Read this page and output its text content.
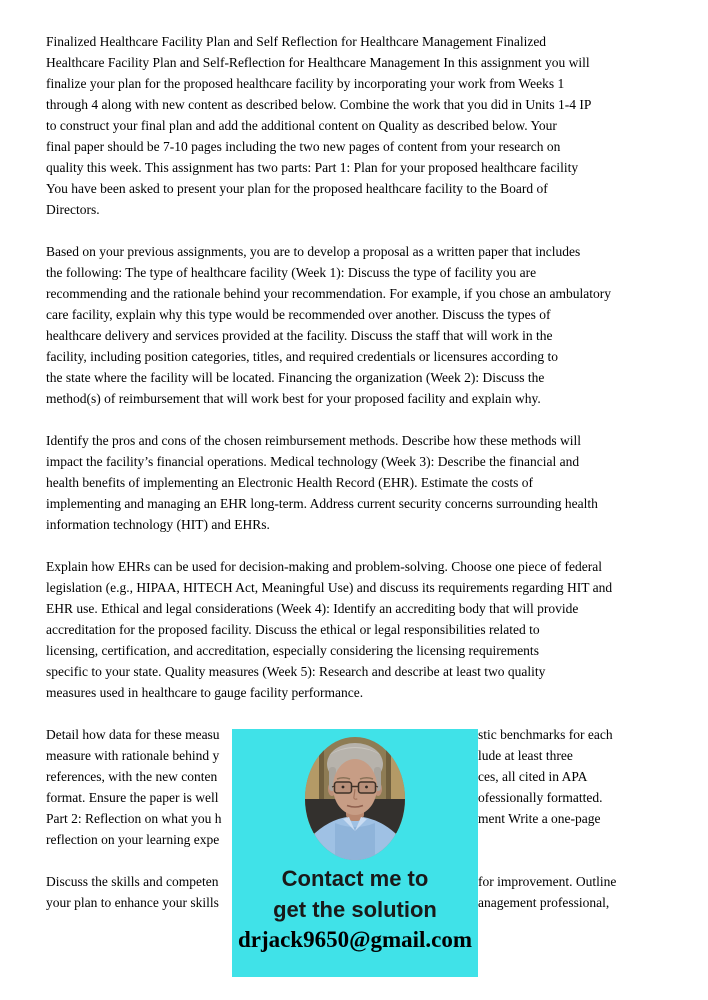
Finalized Healthcare Facility Plan and Self Reflection for Healthcare Management Finalized
Healthcare Facility Plan and Self-Reflection for Healthcare Management In this assignment you will
finalize your plan for the proposed healthcare facility by incorporating your work from Weeks 1
through 4 along with new content as described below. Combine the work that you did in Units 1-4 IP
to construct your final plan and add the additional content on Quality as described below. Your
final paper should be 7-10 pages including the two new pages of content from your research on
quality this week. This assignment has two parts: Part 1: Plan for your proposed healthcare facility
You have been asked to present your plan for the proposed healthcare facility to the Board of
Directors.
Based on your previous assignments, you are to develop a proposal as a written paper that includes
the following: The type of healthcare facility (Week 1): Discuss the type of facility you are
recommending and the rationale behind your recommendation. For example, if you chose an ambulatory
care facility, explain why this type would be recommended over another. Discuss the types of
healthcare delivery and services provided at the facility. Discuss the staff that will work in the
facility, including position categories, titles, and required credentials or licensures according to
the state where the facility will be located. Financing the organization (Week 2): Discuss the
method(s) of reimbursement that will work best for your proposed facility and explain why.
Identify the pros and cons of the chosen reimbursement methods. Describe how these methods will
impact the facility’s financial operations. Medical technology (Week 3): Describe the financial and
health benefits of implementing an Electronic Health Record (EHR). Estimate the costs of
implementing and managing an EHR long-term. Address current security concerns surrounding health
information technology (HIT) and EHRs.
Explain how EHRs can be used for decision-making and problem-solving. Choose one piece of federal
legislation (e.g., HIPAA, HITECH Act, Meaningful Use) and discuss its requirements regarding HIT and
EHR use. Ethical and legal considerations (Week 4): Identify an accrediting body that will provide
accreditation for the proposed facility. Discuss the ethical or legal responsibilities related to
licensing, certification, and accreditation, especially considering the licensing requirements
specific to your state. Quality measures (Week 5): Research and describe at least two quality
measures used in healthcare to gauge facility performance.
Detail how data for these measu	stic benchmarks for each
measure with rationale behind y	lude at least three
references, with the new conten	ces, all cited in APA
format. Ensure the paper is well	ofessionally formatted.
Part 2: Reflection on what you h	ment Write a one-page
reflection on your learning expe
Discuss the skills and competen	for improvement. Outline
your plan to enhance your skills	anagement professional,
Contact me to
get the solution
drjack9650@gmail.com
